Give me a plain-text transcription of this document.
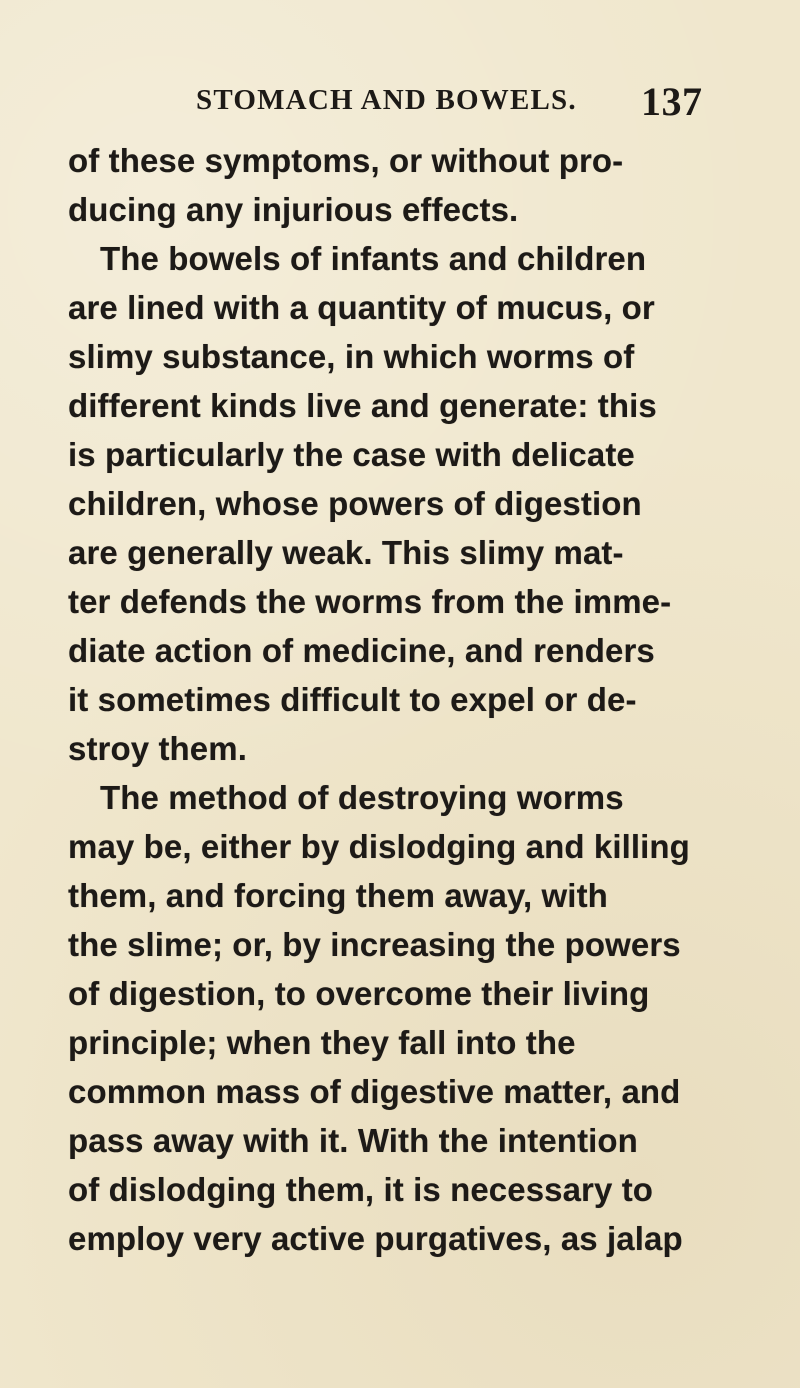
STOMACH AND BOWELS. 137
of these symptoms, or without pro-
ducing any injurious effects.
The bowels of infants and children
are lined with a quantity of mucus, or
slimy substance, in which worms of
different kinds live and generate: this
is particularly the case with delicate
children, whose powers of digestion
are generally weak. This slimy mat-
ter defends the worms from the imme-
diate action of medicine, and renders
it sometimes difficult to expel or de-
stroy them.
The method of destroying worms
may be, either by dislodging and killing
them, and forcing them away, with
the slime; or, by increasing the powers
of digestion, to overcome their living
principle; when they fall into the
common mass of digestive matter, and
pass away with it. With the intention
of dislodging them, it is necessary to
employ very active purgatives, as jalap
